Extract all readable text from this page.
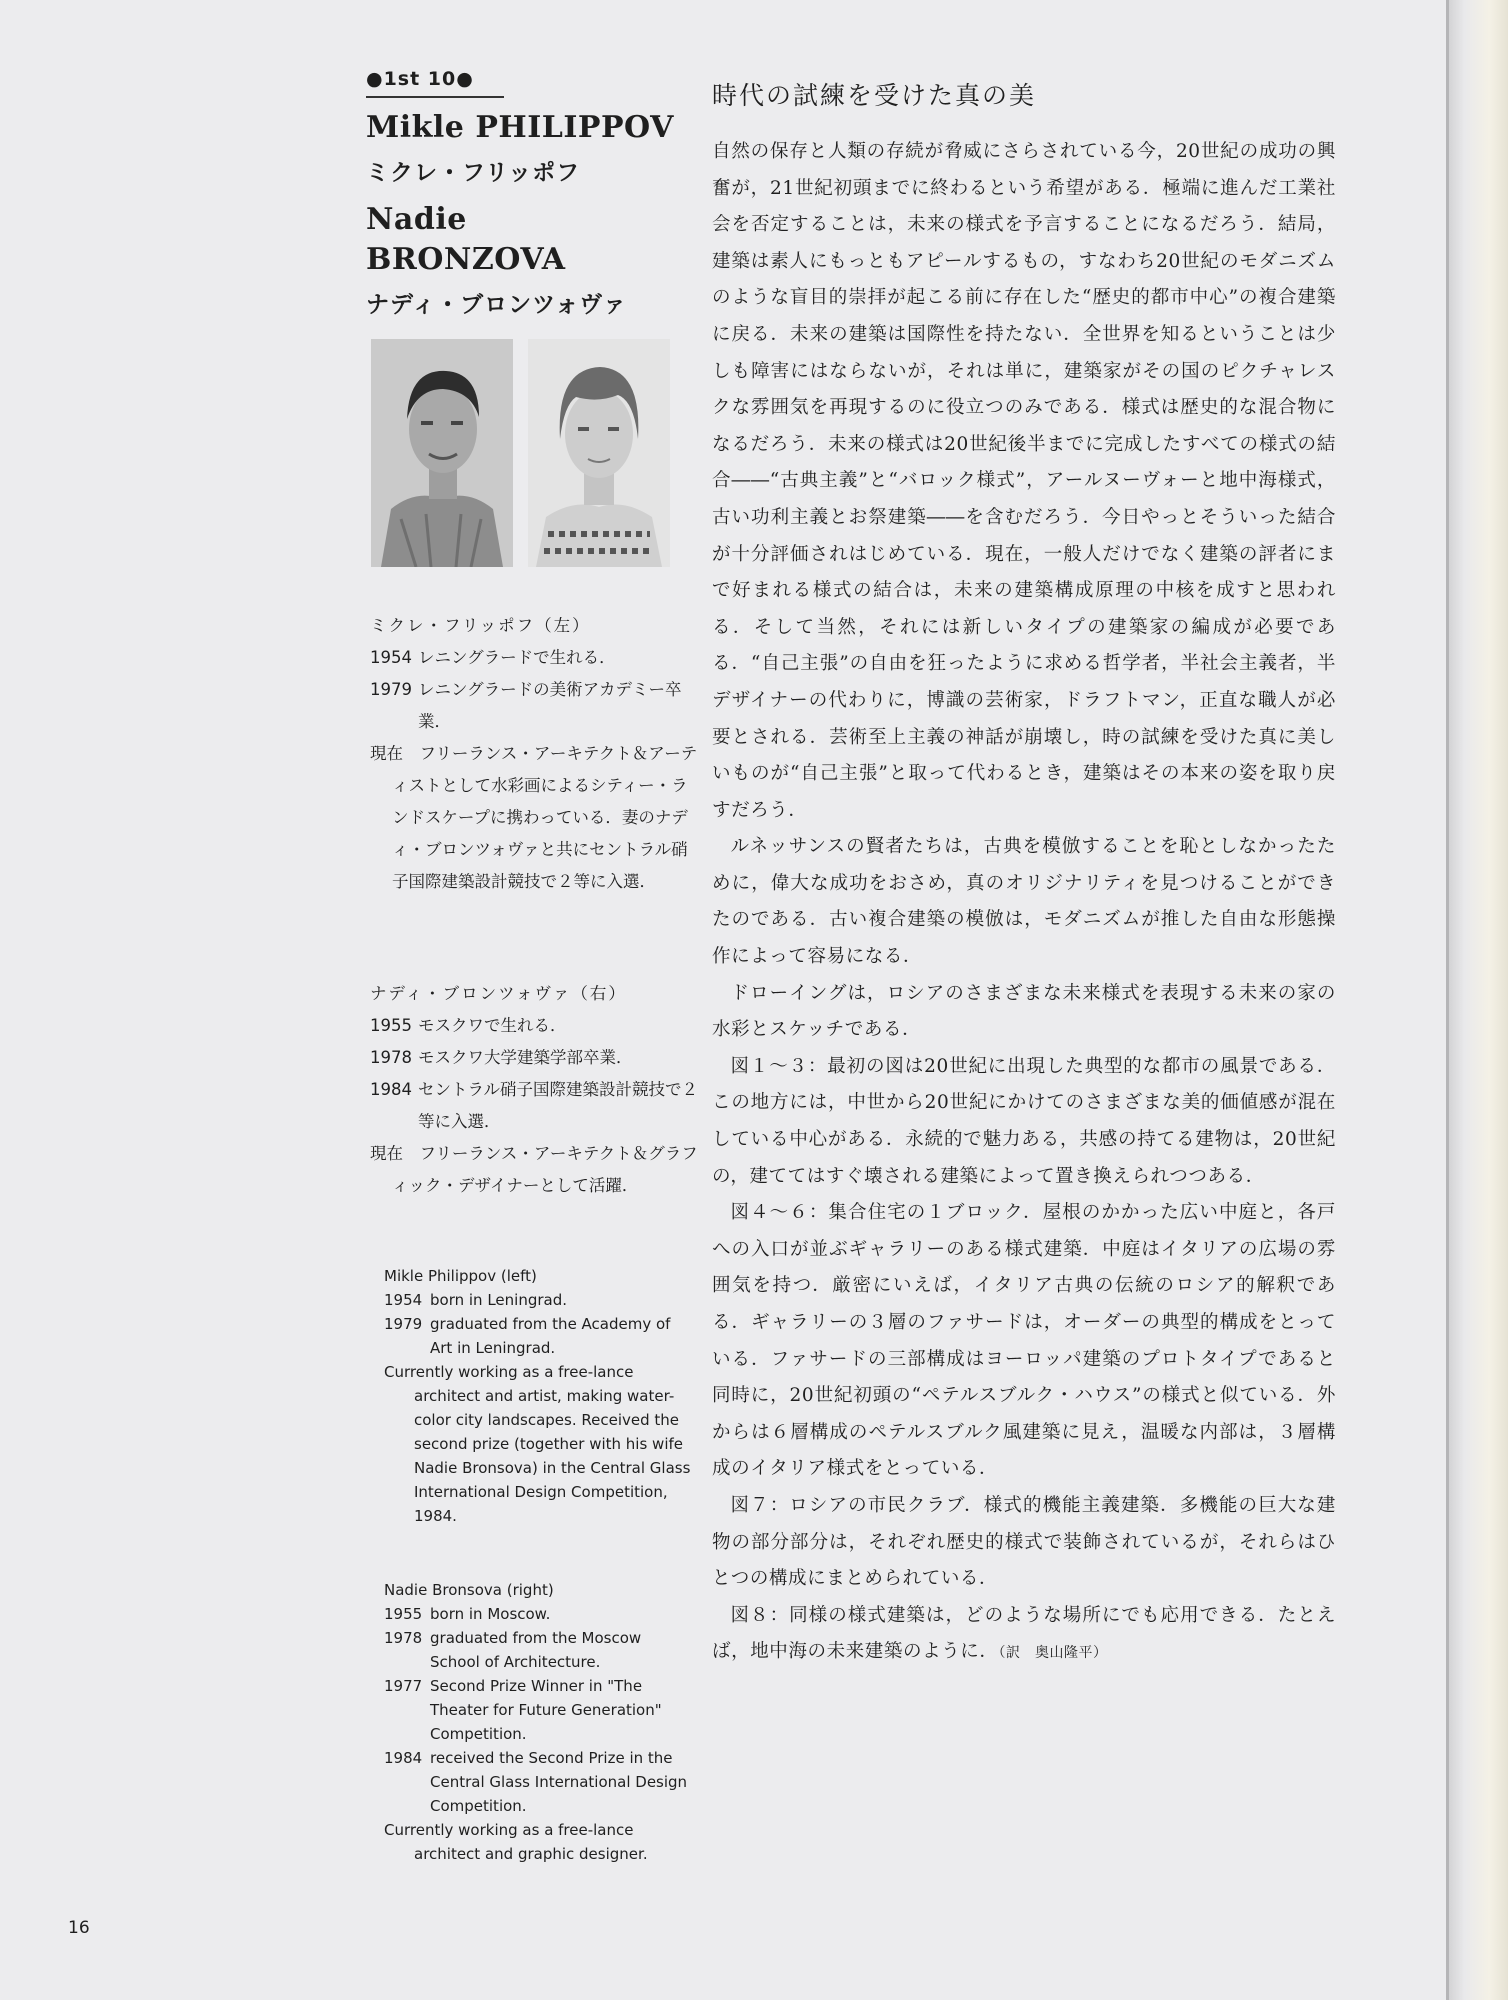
●1st 10●
Mikle PHILIPPOV
ミクレ・フリッポフ
Nadie
BRONZOVA
ナディ・ブロンツォヴァ
ミクレ・フリッポフ（左）
1954 レニングラードで生れる．
1979 レニングラードの美術アカデミー卒業．
現在　フリーランス・アーキテクト＆アーティストとして水彩画によるシティー・ランドスケープに携わっている．妻のナディ・ブロンツォヴァと共にセントラル硝子国際建築設計競技で２等に入選．
ナディ・ブロンツォヴァ（右）
1955 モスクワで生れる．
1978 モスクワ大学建築学部卒業．
1984 セントラル硝子国際建築設計競技で２等に入選．
現在　フリーランス・アーキテクト＆グラフィック・デザイナーとして活躍．
Mikle Philippov (left)
1954 born in Leningrad.
1979 graduated from the Academy of Art in Leningrad.
Currently working as a free-lance architect and artist, making water-color city landscapes. Received the second prize (together with his wife Nadie Bronsova) in the Central Glass International Design Competition, 1984.
Nadie Bronsova (right)
1955 born in Moscow.
1978 graduated from the Moscow School of Architecture.
1977 Second Prize Winner in "The Theater for Future Generation" Competition.
1984 received the Second Prize in the Central Glass International Design Competition.
Currently working as a free-lance architect and graphic designer.
時代の試練を受けた真の美

自然の保存と人類の存続が脅威にさらされている今，20世紀の成功の興奮が，21世紀初頭までに終わるという希望がある．極端に進んだ工業社会を否定することは，未来の様式を予言することになるだろう．結局，建築は素人にもっともアピールするもの，すなわち20世紀のモダニズムのような盲目的崇拝が起こる前に存在した“歴史的都市中心”の複合建築に戻る．未来の建築は国際性を持たない．全世界を知るということは少しも障害にはならないが，それは単に，建築家がその国のピクチャレスクな雰囲気を再現するのに役立つのみである．様式は歴史的な混合物になるだろう．未来の様式は20世紀後半までに完成したすべての様式の結合――“古典主義”と“バロック様式”，アールヌーヴォーと地中海様式，古い功利主義とお祭建築――を含むだろう．今日やっとそういった結合が十分評価されはじめている．現在，一般人だけでなく建築の評者にまで好まれる様式の結合は，未来の建築構成原理の中核を成すと思われる．そして当然，それには新しいタイプの建築家の編成が必要である．“自己主張”の自由を狂ったように求める哲学者，半社会主義者，半デザイナーの代わりに，博識の芸術家，ドラフトマン，正直な職人が必要とされる．芸術至上主義の神話が崩壊し，時の試練を受けた真に美しいものが“自己主張”と取って代わるとき，建築はその本来の姿を取り戻すだろう．

ルネッサンスの賢者たちは，古典を模倣することを恥としなかったために，偉大な成功をおさめ，真のオリジナリティを見つけることができたのである．古い複合建築の模倣は，モダニズムが推した自由な形態操作によって容易になる．

ドローイングは，ロシアのさまざまな未来様式を表現する未来の家の水彩とスケッチである．

図１～３：最初の図は20世紀に出現した典型的な都市の風景である．この地方には，中世から20世紀にかけてのさまざまな美的価値感が混在している中心がある．永続的で魅力ある，共感の持てる建物は，20世紀の，建ててはすぐ壊される建築によって置き換えられつつある．

図４～６：集合住宅の１ブロック．屋根のかかった広い中庭と，各戸への入口が並ぶギャラリーのある様式建築．中庭はイタリアの広場の雰囲気を持つ．厳密にいえば，イタリア古典の伝統のロシア的解釈である．ギャラリーの３層のファサードは，オーダーの典型的構成をとっている．ファサードの三部構成はヨーロッパ建築のプロトタイプであると同時に，20世紀初頭の“ペテルスブルク・ハウス”の様式と似ている．外からは６層構成のペテルスブルク風建築に見え，温暖な内部は，３層構成のイタリア様式をとっている．

図７：ロシアの市民クラブ．様式的機能主義建築．多機能の巨大な建物の部分部分は，それぞれ歴史的様式で装飾されているが，それらはひとつの構成にまとめられている．

図８：同様の様式建築は，どのような場所にでも応用できる．たとえば，地中海の未来建築のように．（訳　奥山隆平）

16
